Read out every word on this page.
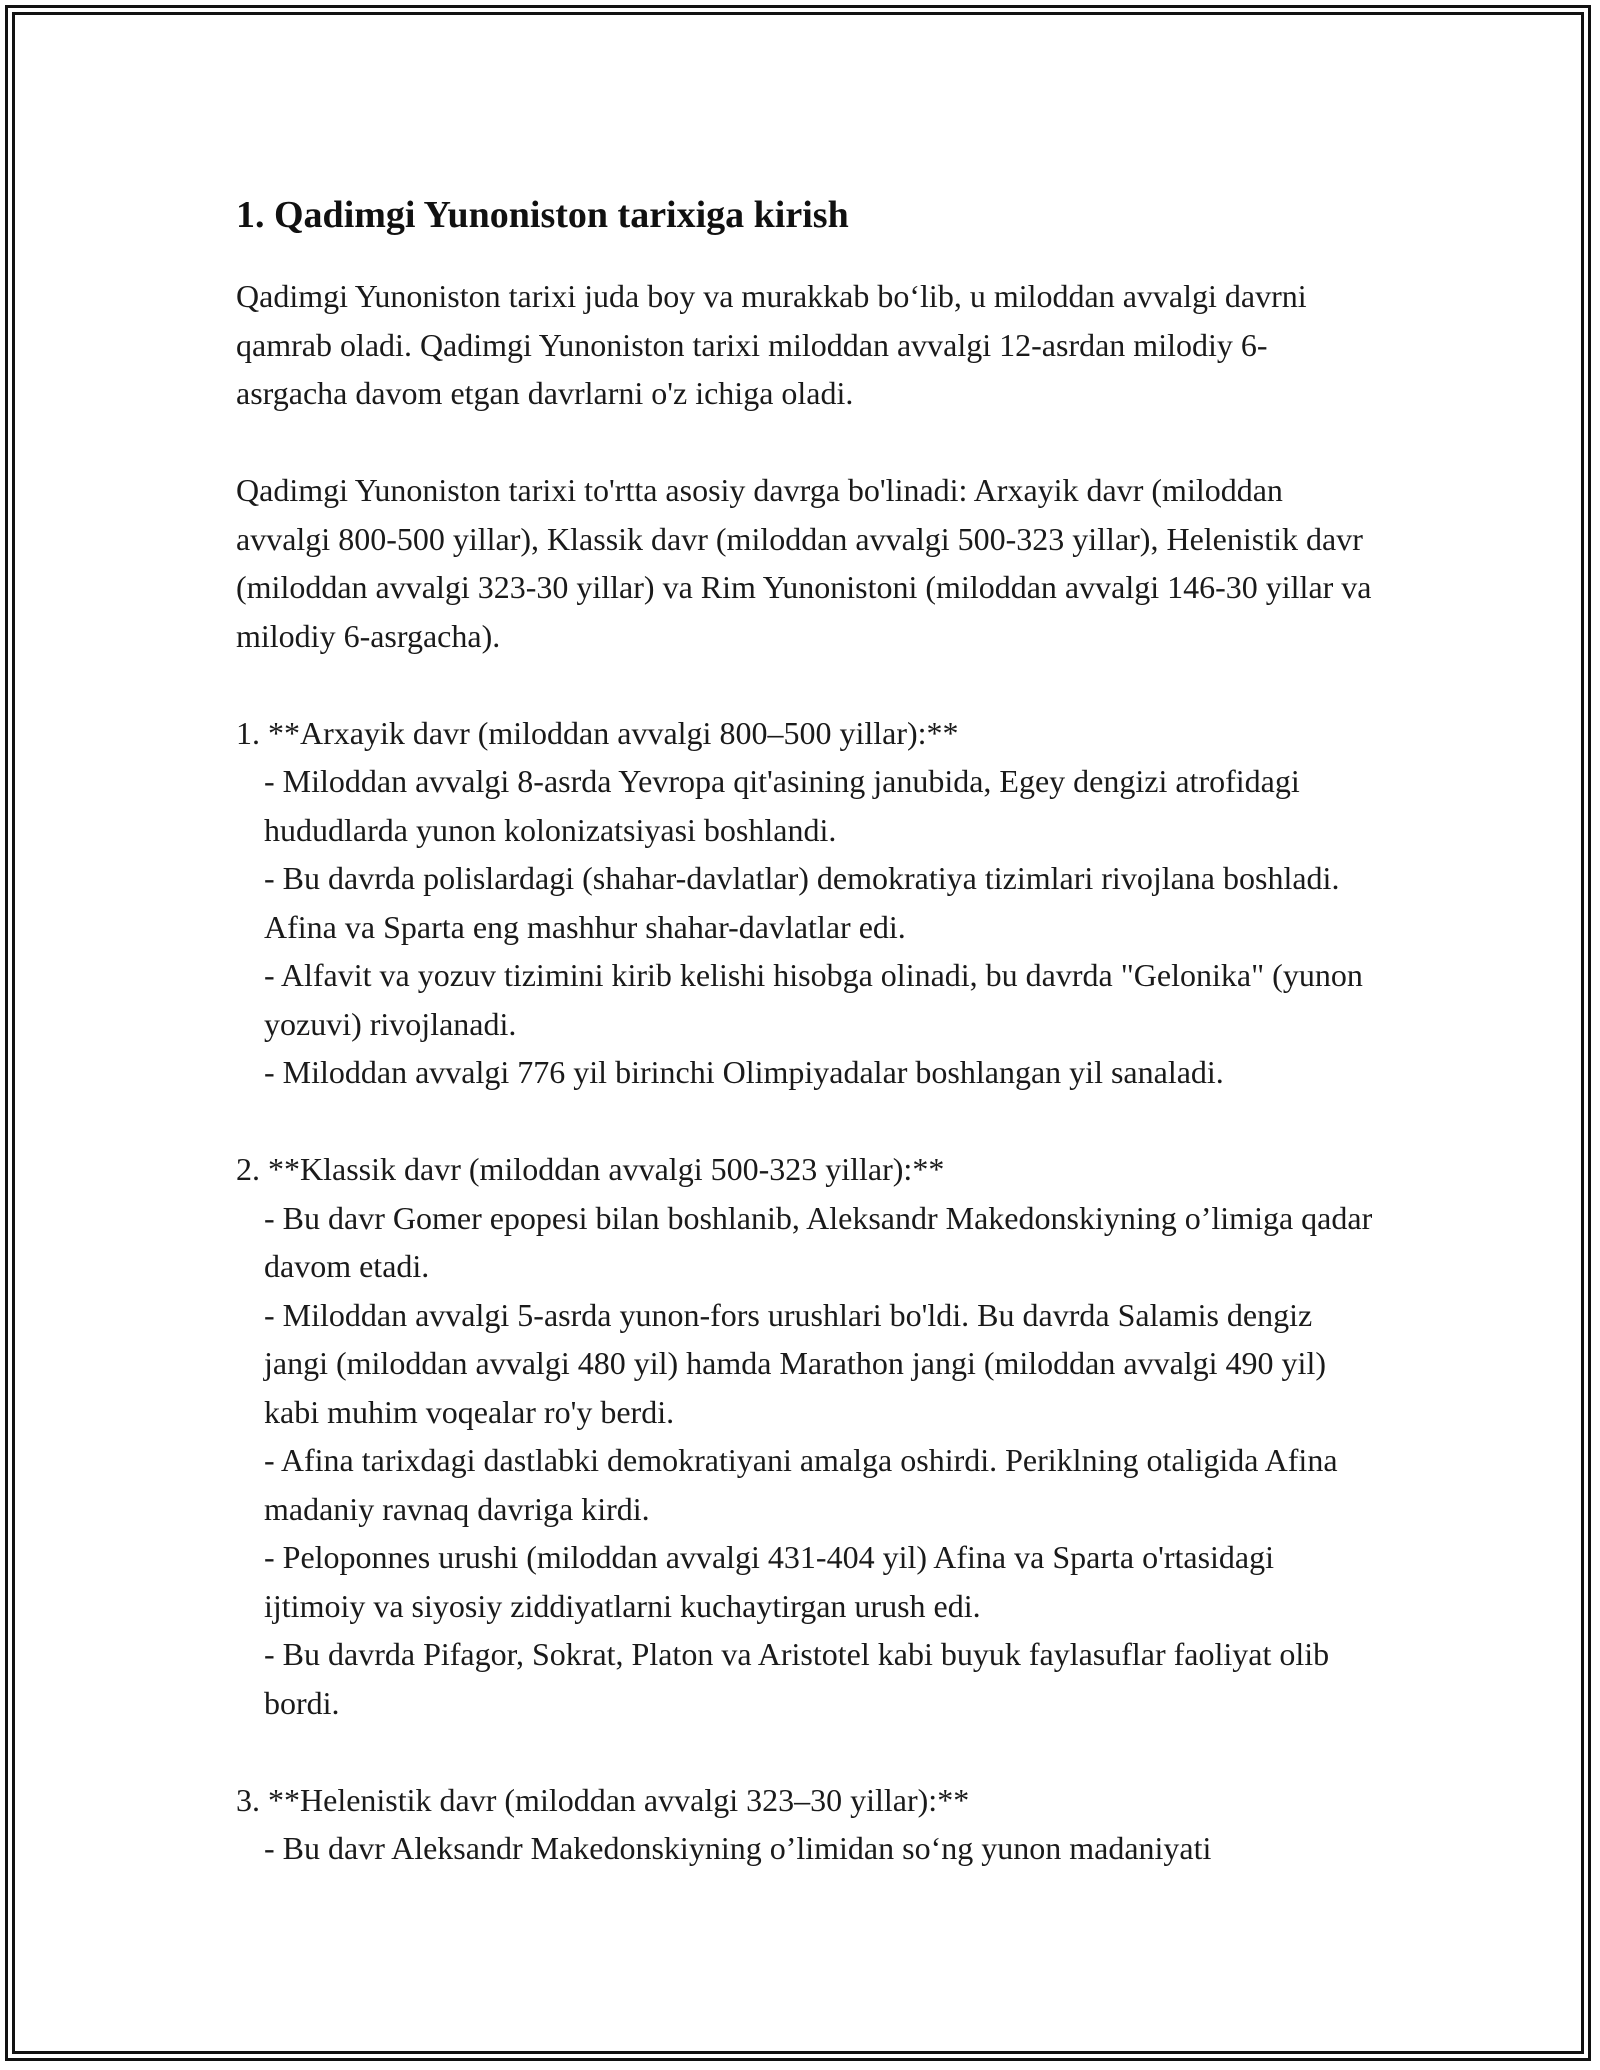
1. Qadimgi Yunoniston tarixiga kirish

Qadimgi Yunoniston tarixi juda boy va murakkab bo‘lib, u miloddan avvalgi davrni qamrab oladi. Qadimgi Yunoniston tarixi miloddan avvalgi 12-asrdan milodiy 6-asrgacha davom etgan davrlarni o'z ichiga oladi.

Qadimgi Yunoniston tarixi to'rtta asosiy davrga bo'linadi: Arxayik davr (miloddan avvalgi 800-500 yillar), Klassik davr (miloddan avvalgi 500-323 yillar), Helenistik davr (miloddan avvalgi 323-30 yillar) va Rim Yunonistoni (miloddan avvalgi 146-30 yillar va milodiy 6-asrgacha).

1. **Arxayik davr (miloddan avvalgi 800–500 yillar):**

- Miloddan avvalgi 8-asrda Yevropa qit'asining janubida, Egey dengizi atrofidagi hududlarda yunon kolonizatsiyasi boshlandi.

- Bu davrda polislardagi (shahar-davlatlar) demokratiya tizimlari rivojlana boshladi. Afina va Sparta eng mashhur shahar-davlatlar edi.

- Alfavit va yozuv tizimini kirib kelishi hisobga olinadi, bu davrda "Gelonika" (yunon yozuvi) rivojlanadi.

- Miloddan avvalgi 776 yil birinchi Olimpiyadalar boshlangan yil sanaladi.

2. **Klassik davr (miloddan avvalgi 500-323 yillar):**

- Bu davr Gomer epopesi bilan boshlanib, Aleksandr Makedonskiyning o’limiga qadar davom etadi.

- Miloddan avvalgi 5-asrda yunon-fors urushlari bo'ldi. Bu davrda Salamis dengiz jangi (miloddan avvalgi 480 yil) hamda Marathon jangi (miloddan avvalgi 490 yil) kabi muhim voqealar ro'y berdi.

- Afina tarixdagi dastlabki demokratiyani amalga oshirdi. Periklning otaligida Afina madaniy ravnaq davriga kirdi.

- Peloponnes urushi (miloddan avvalgi 431-404 yil) Afina va Sparta o'rtasidagi ijtimoiy va siyosiy ziddiyatlarni kuchaytirgan urush edi.

- Bu davrda Pifagor, Sokrat, Platon va Aristotel kabi buyuk faylasuflar faoliyat olib bordi.

3. **Helenistik davr (miloddan avvalgi 323–30 yillar):**

- Bu davr Aleksandr Makedonskiyning o’limidan so‘ng yunon madaniyati
